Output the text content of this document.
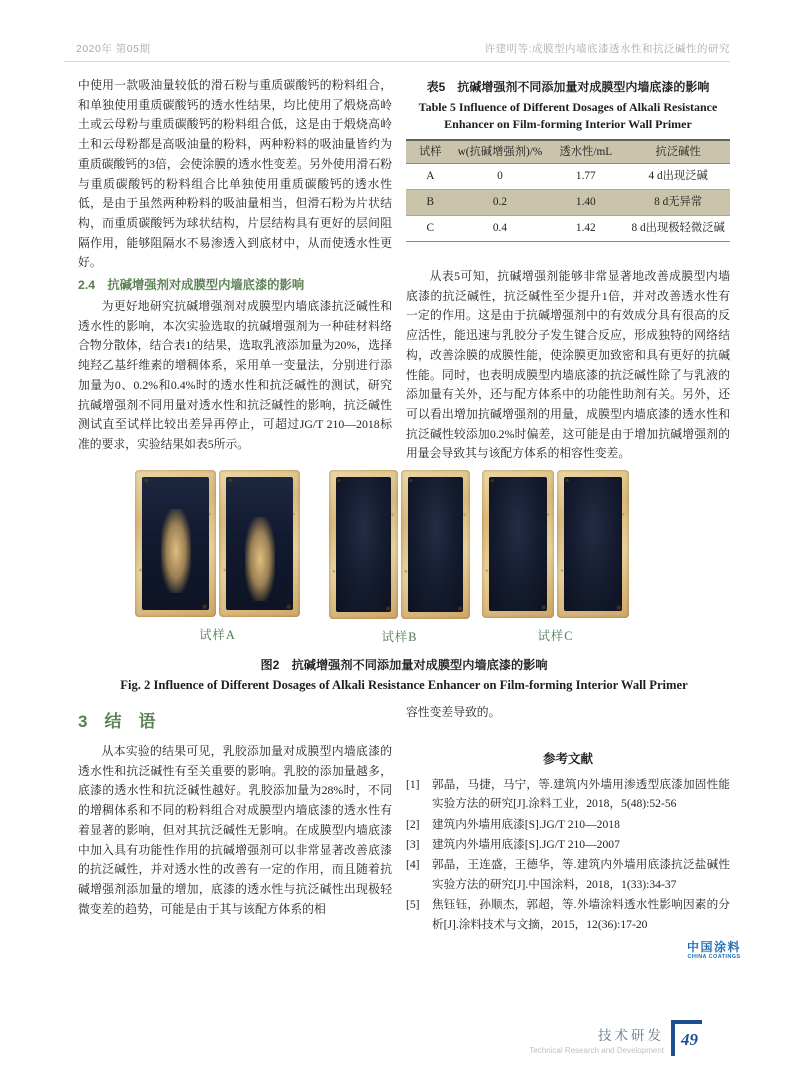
2020年 第05期	许建明等:成膜型内墙底漆透水性和抗泛碱性的研究

中使用一款吸油量较低的滑石粉与重质碳酸钙的粉料组合，和单独使用重质碳酸钙的透水性结果，均比使用了煅烧高岭土或云母粉与重质碳酸钙的粉料组合低，这是由于煅烧高岭土和云母粉都是高吸油量的粉料，两种粉料的吸油量皆约为重质碳酸钙的3倍，会使涂膜的透水性变差。另外使用滑石粉与重质碳酸钙的粉料组合比单独使用重质碳酸钙的透水性低，是由于虽然两种粉料的吸油量相当，但滑石粉为片状结构，而重质碳酸钙为球状结构，片层结构具有更好的层间阻隔作用，能够阻隔水不易渗透入到底材中，从而使透水性更好。

2.4　抗碱增强剂对成膜型内墙底漆的影响

为更好地研究抗碱增强剂对成膜型内墙底漆抗泛碱性和透水性的影响，本次实验选取的抗碱增强剂为一种硅材料络合物分散体，结合表1的结果，选取乳液添加量为20%，选择纯羟乙基纤维素的增稠体系，采用单一变量法，分别进行添加量为0、0.2%和0.4%时的透水性和抗泛碱性的测试，研究抗碱增强剂不同用量对透水性和抗泛碱性的影响，抗泛碱性测试直至试样比较出差异再停止，可超过JG/T 210—2018标准的要求，实验结果如表5所示。

表5　抗碱增强剂不同添加量对成膜型内墙底漆的影响
Table 5 Influence of Different Dosages of Alkali Resistance Enhancer on Film-forming Interior Wall Primer
试样	w(抗碱增强剂)/%	透水性/mL	抗泛碱性
A	0	1.77	4 d出现泛碱
B	0.2	1.40	8 d无异常
C	0.4	1.42	8 d出现极轻微泛碱

从表5可知，抗碱增强剂能够非常显著地改善成膜型内墙底漆的抗泛碱性，抗泛碱性至少提升1倍，并对改善透水性有一定的作用。这是由于抗碱增强剂中的有效成分具有很高的反应活性，能迅速与乳胶分子发生键合反应，形成独特的网络结构，改善涂膜的成膜性能，使涂膜更加致密和具有更好的抗碱性能。同时，也表明成膜型内墙底漆的抗泛碱性除了与乳液的添加量有关外，还与配方体系中的功能性助剂有关。另外，还可以看出增加抗碱增强剂的用量，成膜型内墙底漆的透水性和抗泛碱性较添加0.2%时偏差，这可能是由于增加抗碱增强剂的用量会导致其与该配方体系的相容性变差。

试样A	试样B	试样C
图2　抗碱增强剂不同添加量对成膜型内墙底漆的影响
Fig. 2 Influence of Different Dosages of Alkali Resistance Enhancer on Film-forming Interior Wall Primer
3　结　语

从本实验的结果可见，乳胶添加量对成膜型内墙底漆的透水性和抗泛碱性有至关重要的影响。乳胶的添加量越多，底漆的透水性和抗泛碱性越好。乳胶添加量为28%时，不同的增稠体系和不同的粉料组合对成膜型内墙底漆的透水性有着显著的影响，但对其抗泛碱性无影响。在成膜型内墙底漆中加入具有功能性作用的抗碱增强剂可以非常显著改善底漆的抗泛碱性，并对透水性的改善有一定的作用，而且随着抗碱增强剂添加量的增加，底漆的透水性与抗泛碱性出现极轻微变差的趋势，可能是由于其与该配方体系的相

容性变差导致的。

参考文献
[1]	郭晶，马捷，马宁，等.建筑内外墙用渗透型底漆加固性能实验方法的研究[J].涂料工业，2018，5(48):52-56
[2]	建筑内外墙用底漆[S].JG/T 210—2018
[3]	建筑内外墙用底漆[S].JG/T 210—2007
[4]	郭晶，王连盛，王德华，等.建筑内外墙用底漆抗泛盐碱性实验方法的研究[J].中国涂料，2018，1(33):34-37
[5]	焦钰钰，孙顺杰，郭超，等.外墙涂料透水性影响因素的分析[J].涂料技术与文摘，2015，12(36):17-20
中国涂料
CHINA COATINGS
技术研发
Technical Research and Development
49
